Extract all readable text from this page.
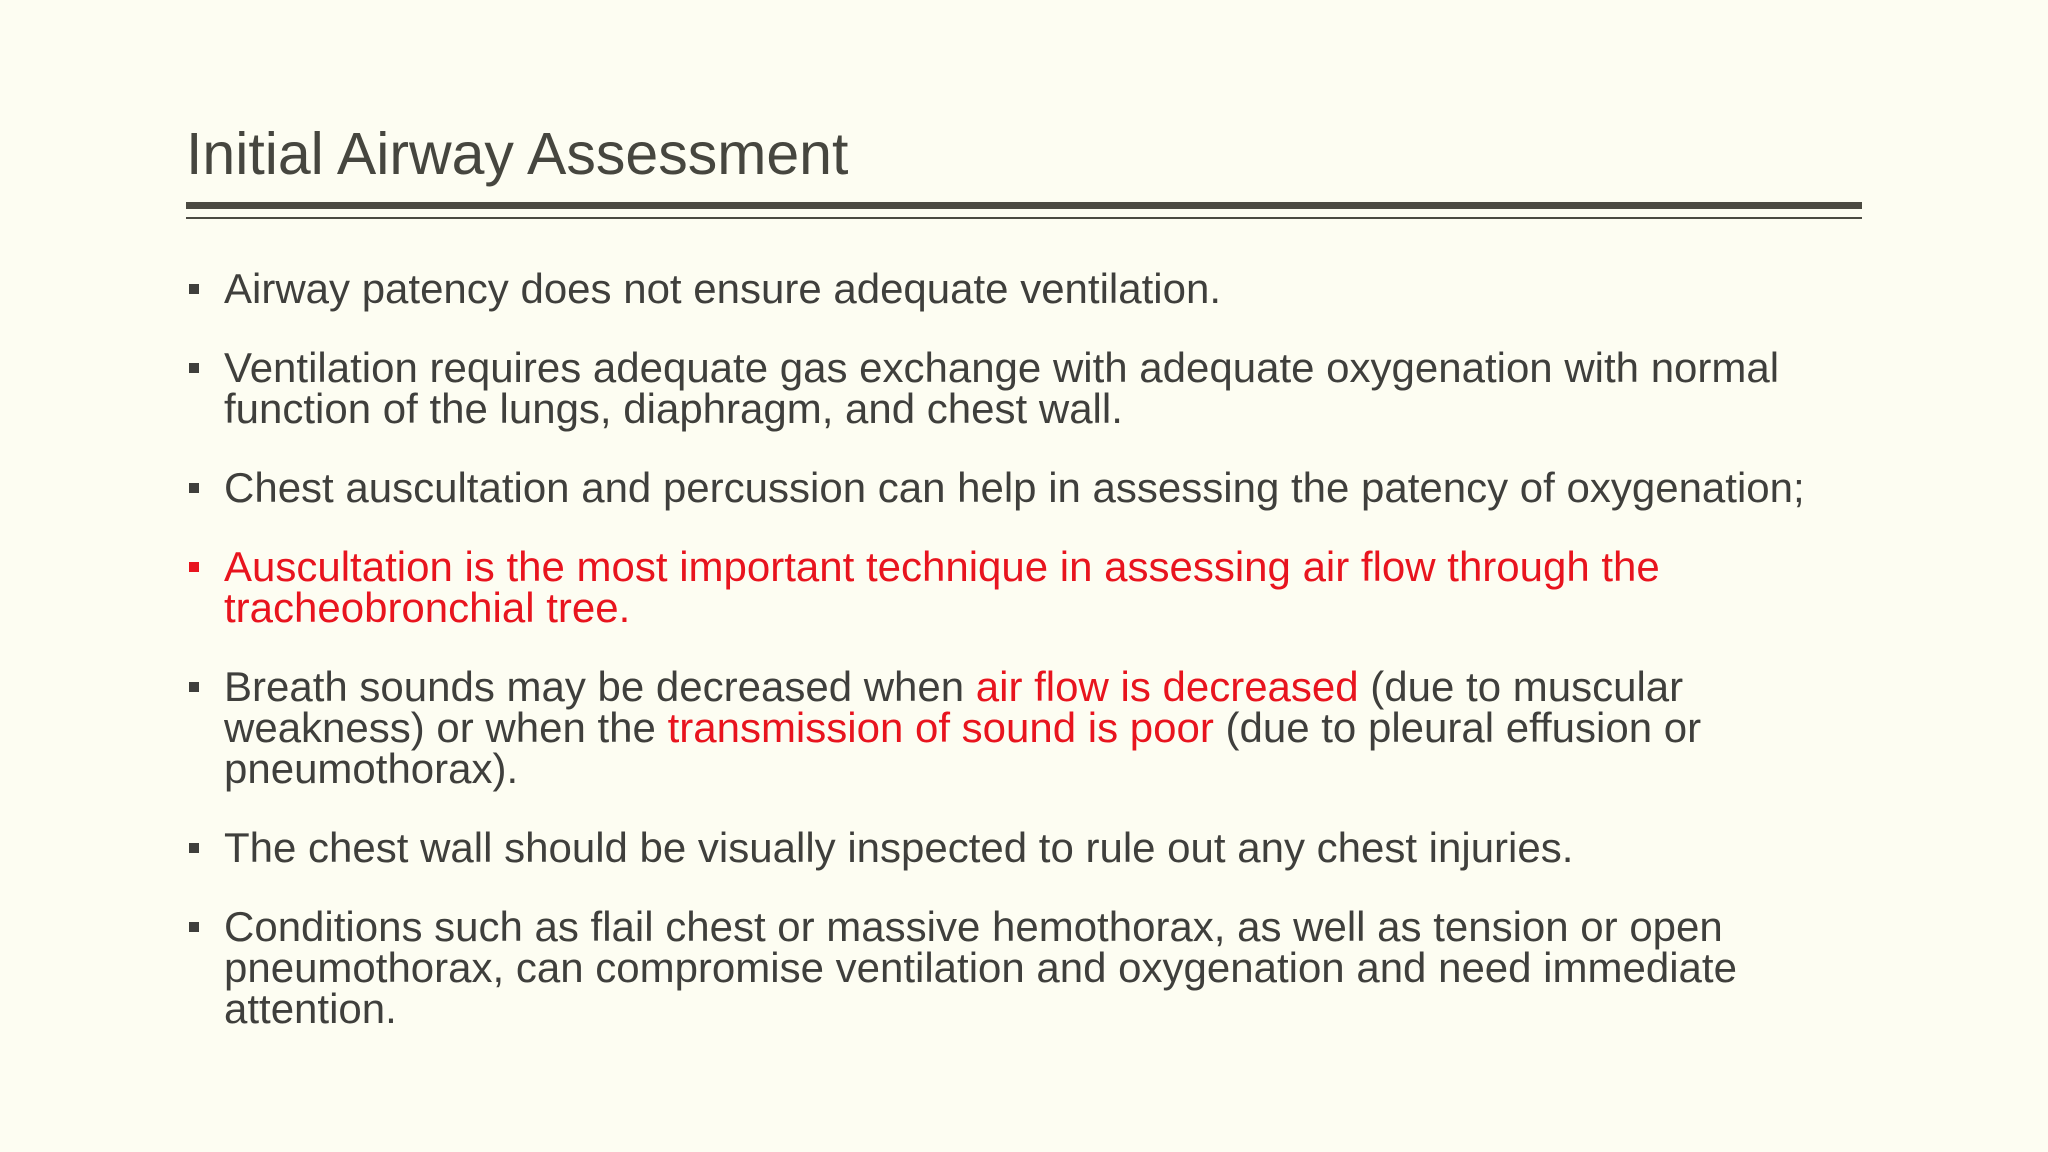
Initial Airway Assessment
Airway patency does not ensure adequate ventilation.
Ventilation requires adequate gas exchange with adequate oxygenation with normal function of the lungs, diaphragm, and chest wall.
Chest auscultation and percussion can help in assessing the patency of oxygenation;
Auscultation is the most important technique in assessing air flow through the tracheobronchial tree.
Breath sounds may be decreased when air flow is decreased (due to muscular weakness) or when the transmission of sound is poor (due to pleural effusion or pneumothorax).
The chest wall should be visually inspected to rule out any chest injuries.
Conditions such as flail chest or massive hemothorax, as well as tension or open pneumothorax, can compromise ventilation and oxygenation and need immediate attention.
